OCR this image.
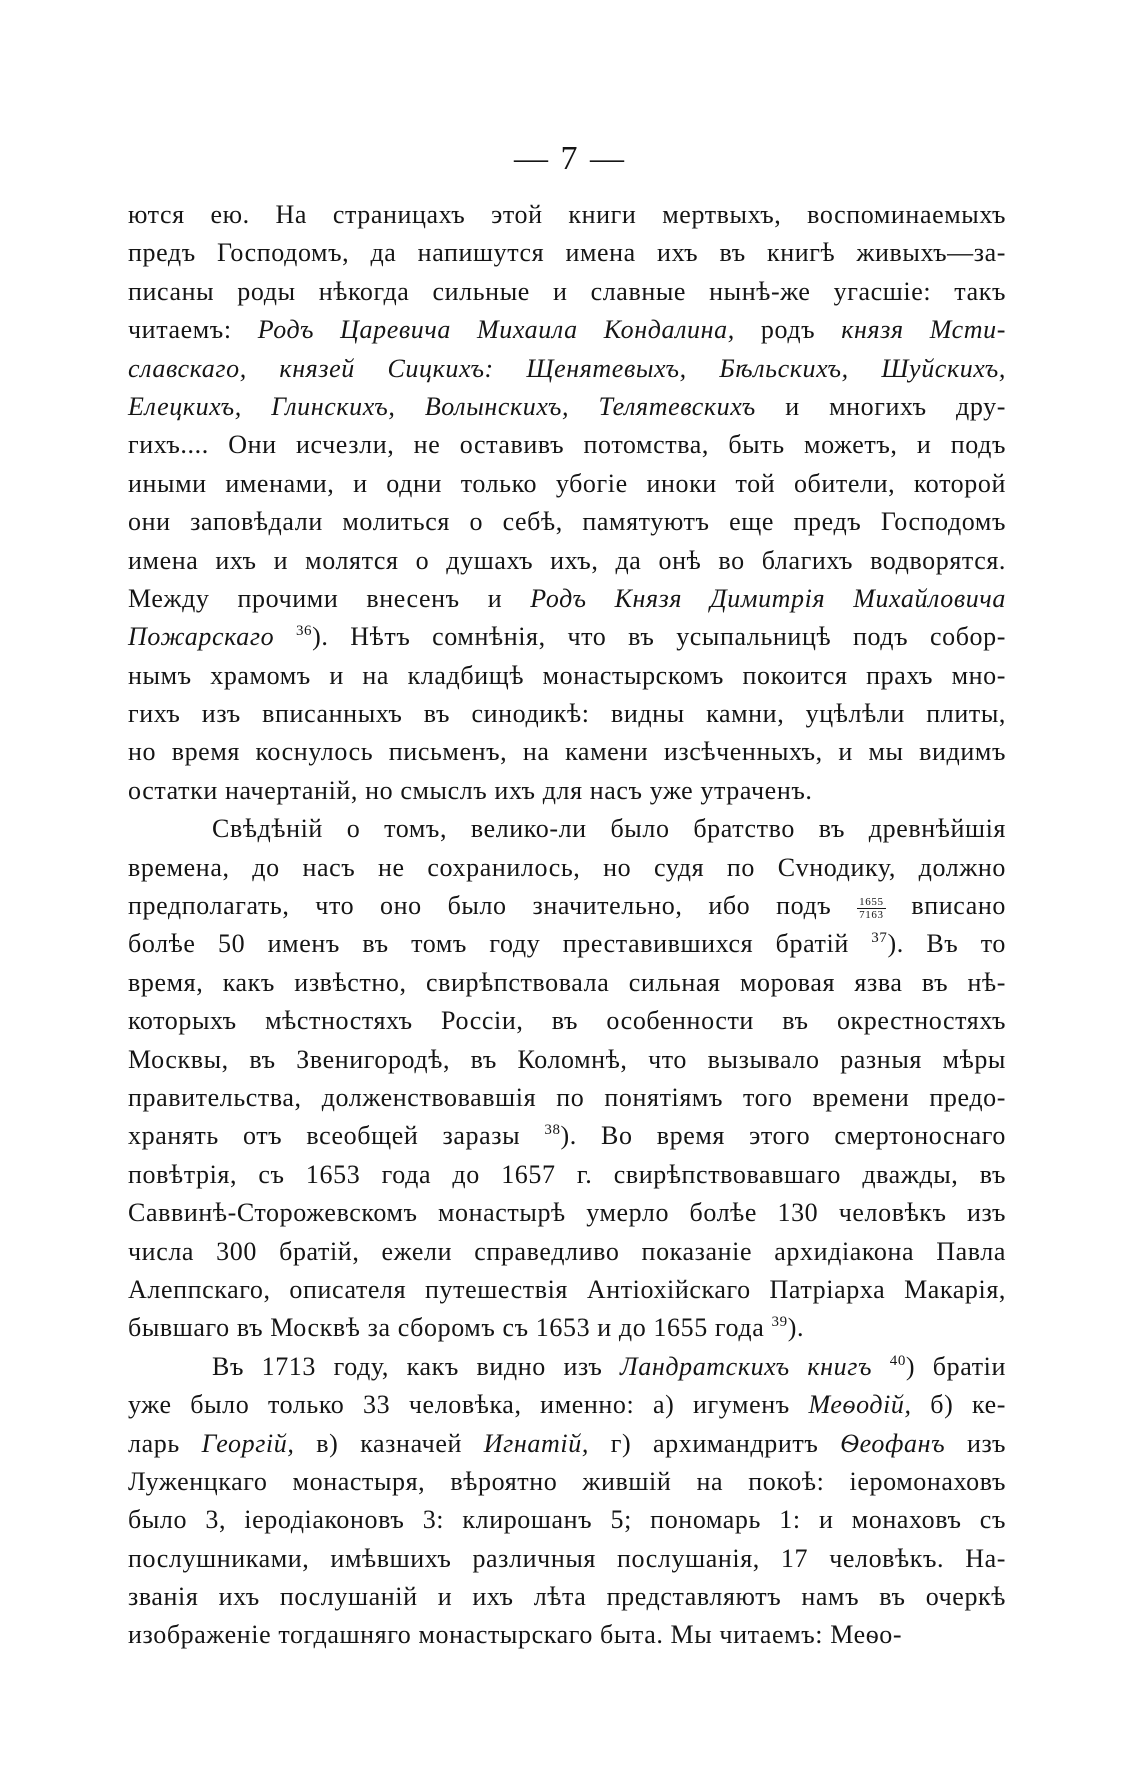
— 7 —
ются ею. На страницахъ этой книги мертвыхъ, воспоминаемыхъ
предъ Господомъ, да напишутся имена ихъ въ книгѣ живыхъ—за-
писаны роды нѣкогда сильные и славные нынѣ-же угасшіе: такъ
читаемъ: Родъ Царевича Михаила Кондалина, родъ князя Мсти-
славскаго, князей Сицкихъ: Щенятевыхъ, Бѣльскихъ, Шуйскихъ,
Елецкихъ, Глинскихъ, Волынскихъ, Телятевскихъ и многихъ дру-
гихъ.... Они исчезли, не оставивъ потомства, быть можетъ, и подъ
иными именами, и одни только убогіе иноки той обители, которой
они заповѣдали молиться о себѣ, памятуютъ еще предъ Господомъ
имена ихъ и молятся о душахъ ихъ, да онѣ во благихъ водворятся.
Между прочими внесенъ и Родъ Князя Димитрія Михайловича
Пожарскаго $^{36}$). Нѣтъ сомнѣнія, что въ усыпальницѣ подъ собор-
нымъ храмомъ и на кладбищѣ монастырскомъ покоится прахъ мно-
гихъ изъ вписанныхъ въ синодикѣ: видны камни, уцѣлѣли плиты,
но время коснулось письменъ, на камени изсѣченныхъ, и мы видимъ
остатки начертаній, но смыслъ ихъ для насъ уже утраченъ.
Свѣдѣній о томъ, велико-ли было братство въ древнѣйшія
времена, до насъ не сохранилось, но судя по Сvнодику, должно
предполагать, что оно было значительно, ибо подъ $\frac{1655}{7163}$ вписано
болѣе 50 именъ въ томъ году преставившихся братій $^{37}$). Въ то
время, какъ извѣстно, свирѣпствовала сильная моровая язва въ нѣ-
которыхъ мѣстностяхъ Россіи, въ особенности въ окрестностяхъ
Москвы, въ Звенигородѣ, въ Коломнѣ, что вызывало разныя мѣры
правительства, долженствовавшія по понятіямъ того времени предо-
хранять отъ всеобщей заразы $^{38}$). Во время этого смертоноснаго
повѣтрія, съ 1653 года до 1657 г. свирѣпствовавшаго дважды, въ
Саввинѣ-Сторожевскомъ монастырѣ умерло болѣе 130 человѣкъ изъ
числа 300 братій, ежели справедливо показаніе архидіакона Павла
Алеппскаго, описателя путешествія Антіохійскаго Патріарха Макарія,
бывшаго въ Москвѣ за сборомъ съ 1653 и до 1655 года $^{39}$).
Въ 1713 году, какъ видно изъ Ландратскихъ книгъ $^{40}$) братіи
уже было только 33 человѣка, именно: а) игуменъ Меѳодій, б) ке-
ларь Георгій, в) казначей Игнатій, г) архимандритъ Ѳеофанъ изъ
Луженцкаго монастыря, вѣроятно жившій на покоѣ: іеромонаховъ
было 3, іеродіаконовъ 3: клирошанъ 5; пономарь 1: и монаховъ съ
послушниками, имѣвшихъ различныя послушанія, 17 человѣкъ. На-
званія ихъ послушаній и ихъ лѣта представляютъ намъ въ очеркѣ
изображеніе тогдашняго монастырскаго быта. Мы читаемъ: Меѳо-
